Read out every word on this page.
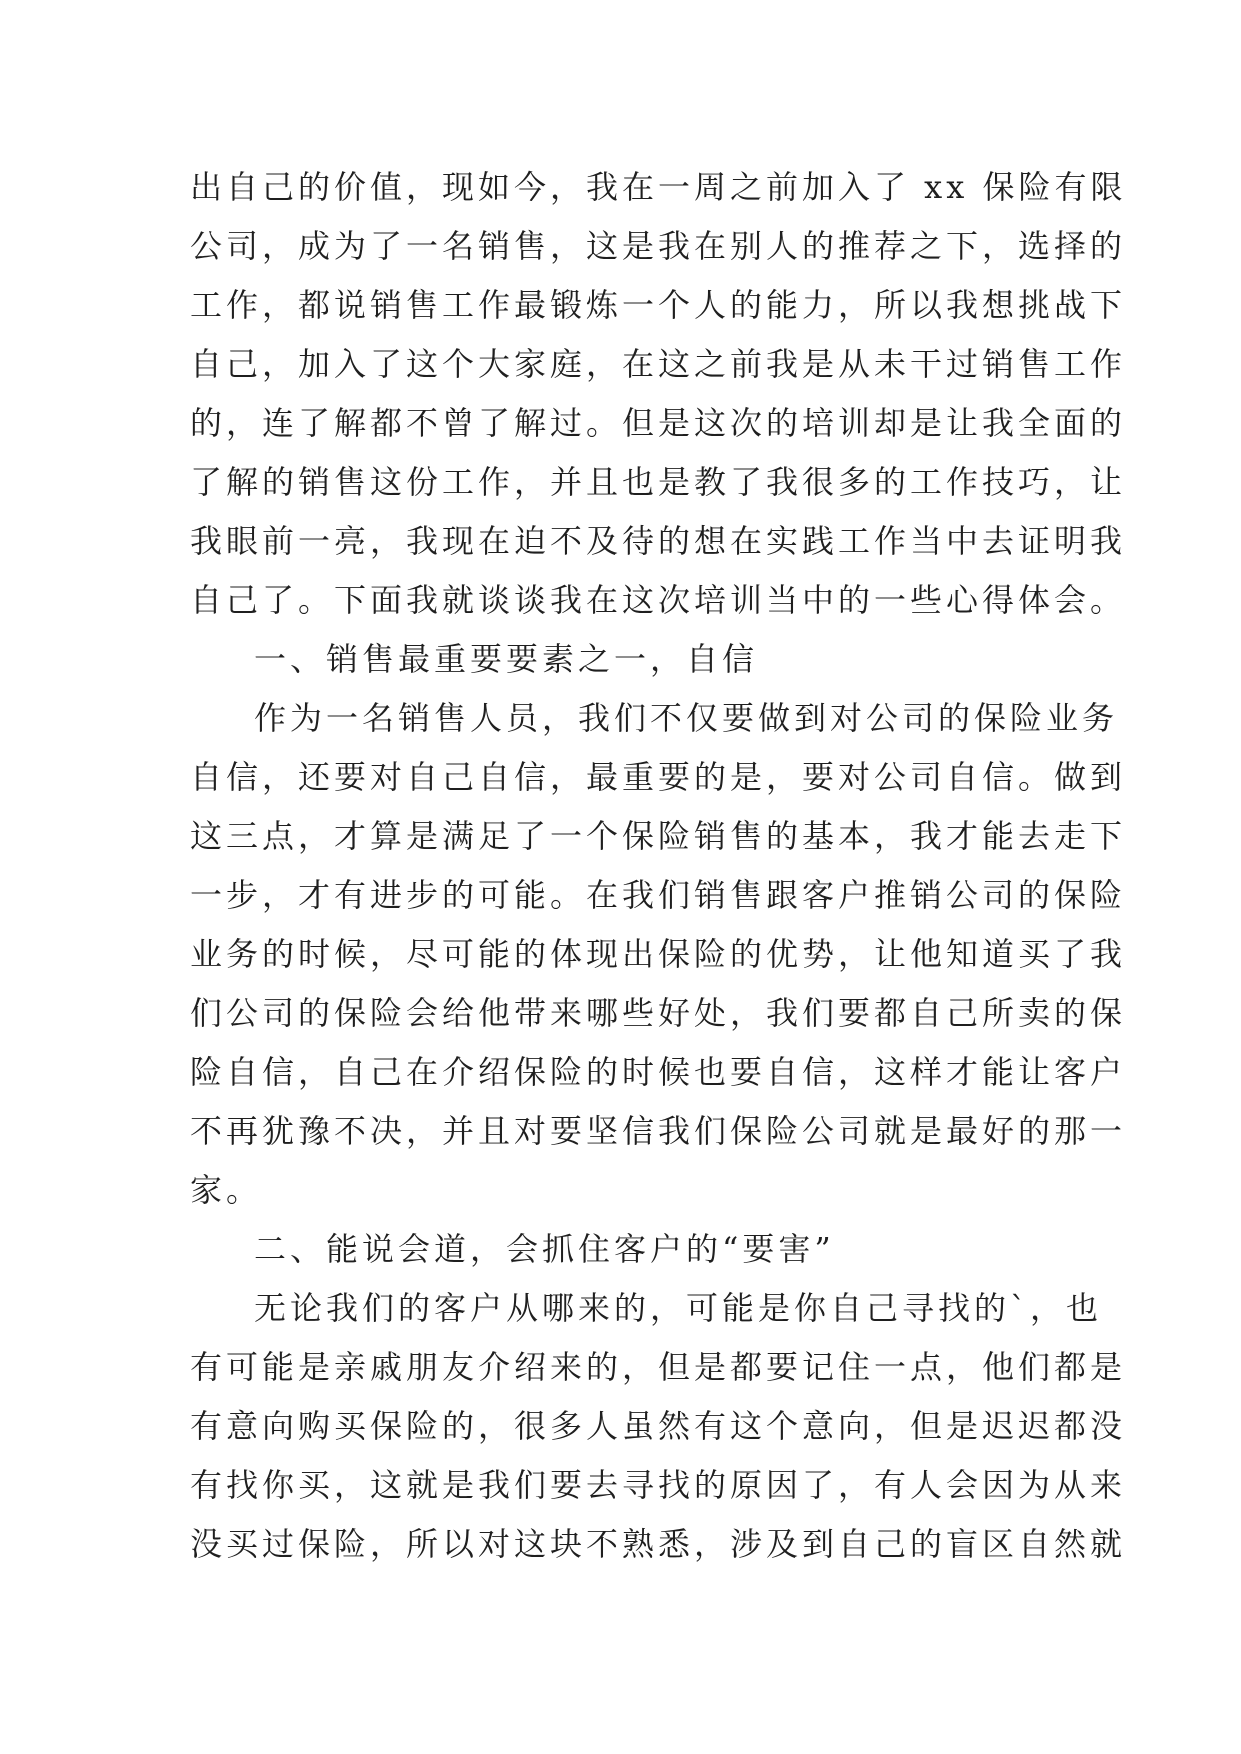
出自己的价值，现如今，我在一周之前加入了 xx 保险有限
公司，成为了一名销售，这是我在别人的推荐之下，选择的
工作，都说销售工作最锻炼一个人的能力，所以我想挑战下
自己，加入了这个大家庭，在这之前我是从未干过销售工作
的，连了解都不曾了解过。但是这次的培训却是让我全面的
了解的销售这份工作，并且也是教了我很多的工作技巧，让
我眼前一亮，我现在迫不及待的想在实践工作当中去证明我
自己了。下面我就谈谈我在这次培训当中的一些心得体会。
一、销售最重要要素之一，自信
作为一名销售人员，我们不仅要做到对公司的保险业务
自信，还要对自己自信，最重要的是，要对公司自信。做到
这三点，才算是满足了一个保险销售的基本，我才能去走下
一步，才有进步的可能。在我们销售跟客户推销公司的保险
业务的时候，尽可能的体现出保险的优势，让他知道买了我
们公司的保险会给他带来哪些好处，我们要都自己所卖的保
险自信，自己在介绍保险的时候也要自信，这样才能让客户
不再犹豫不决，并且对要坚信我们保险公司就是最好的那一
家。
二、能说会道，会抓住客户的“要害”
无论我们的客户从哪来的，可能是你自己寻找的`，也
有可能是亲戚朋友介绍来的，但是都要记住一点，他们都是
有意向购买保险的，很多人虽然有这个意向，但是迟迟都没
有找你买，这就是我们要去寻找的原因了，有人会因为从来
没买过保险，所以对这块不熟悉，涉及到自己的盲区自然就
